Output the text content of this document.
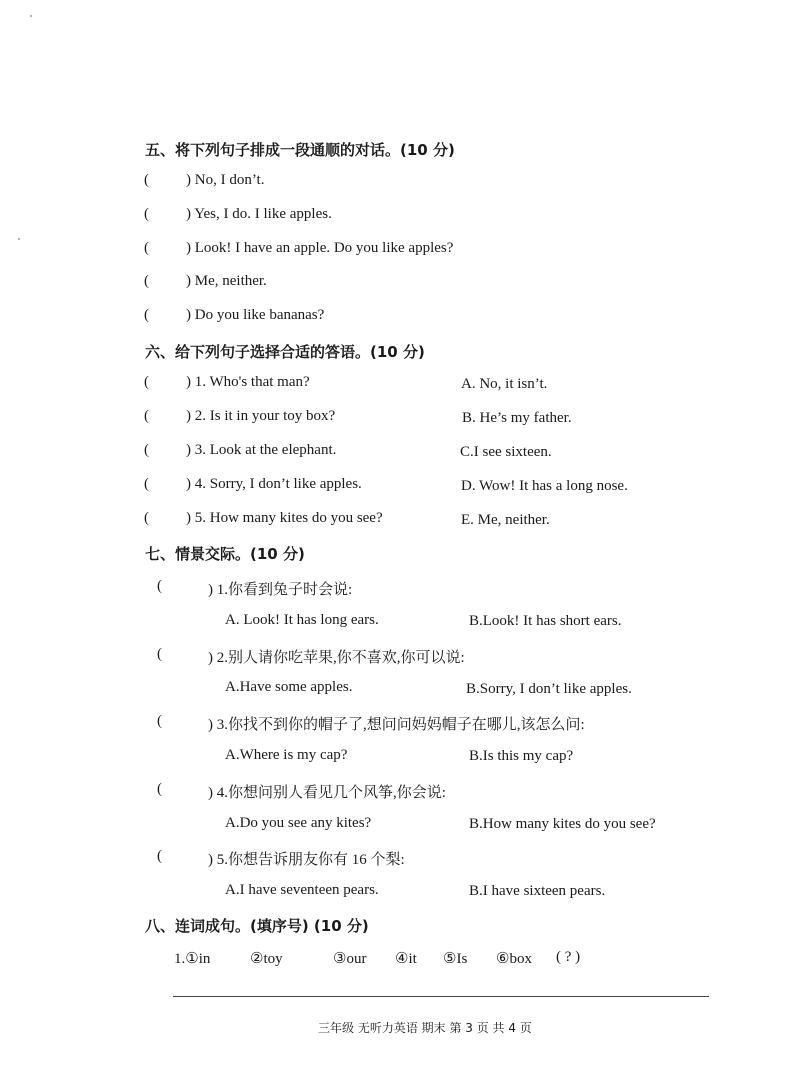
五、将下列句子排成一段通顺的对话。(10 分)
( ) No, I don’t.
( ) Yes, I do. I like apples.
( ) Look! I have an apple. Do you like apples?
( ) Me, neither.
( ) Do you like bananas?
六、给下列句子选择合适的答语。(10 分)
( ) 1. Who's that man?	A. No, it isn’t.
( ) 2. Is it in your toy box?	B. He’s my father.
( ) 3. Look at the elephant.	C.I see sixteen.
( ) 4. Sorry, I don’t like apples.	D. Wow! It has a long nose.
( ) 5. How many kites do you see?	E. Me, neither.
七、情景交际。(10 分)
(	) 1.你看到兔子时会说:
A. Look! It has long ears.	B.Look! It has short ears.
(	) 2.别人请你吃苹果,你不喜欢,你可以说:
A.Have some apples.	B.Sorry, I don’t like apples.
(	) 3.你找不到你的帽子了,想问问妈妈帽子在哪儿,该怎么问:
A.Where is my cap?	B.Is this my cap?
(	) 4.你想问别人看见几个风筝,你会说:
A.Do you see any kites?	B.How many kites do you see?
(	) 5.你想告诉朋友你有 16 个梨:
A.I have seventeen pears.	B.I have sixteen pears.
八、连词成句。(填序号) (10 分)
1.①in	②toy	③our ④it ⑤Is ⑥box ( ? )
三年级 无听力英语 期末 第 3 页 共 4 页
